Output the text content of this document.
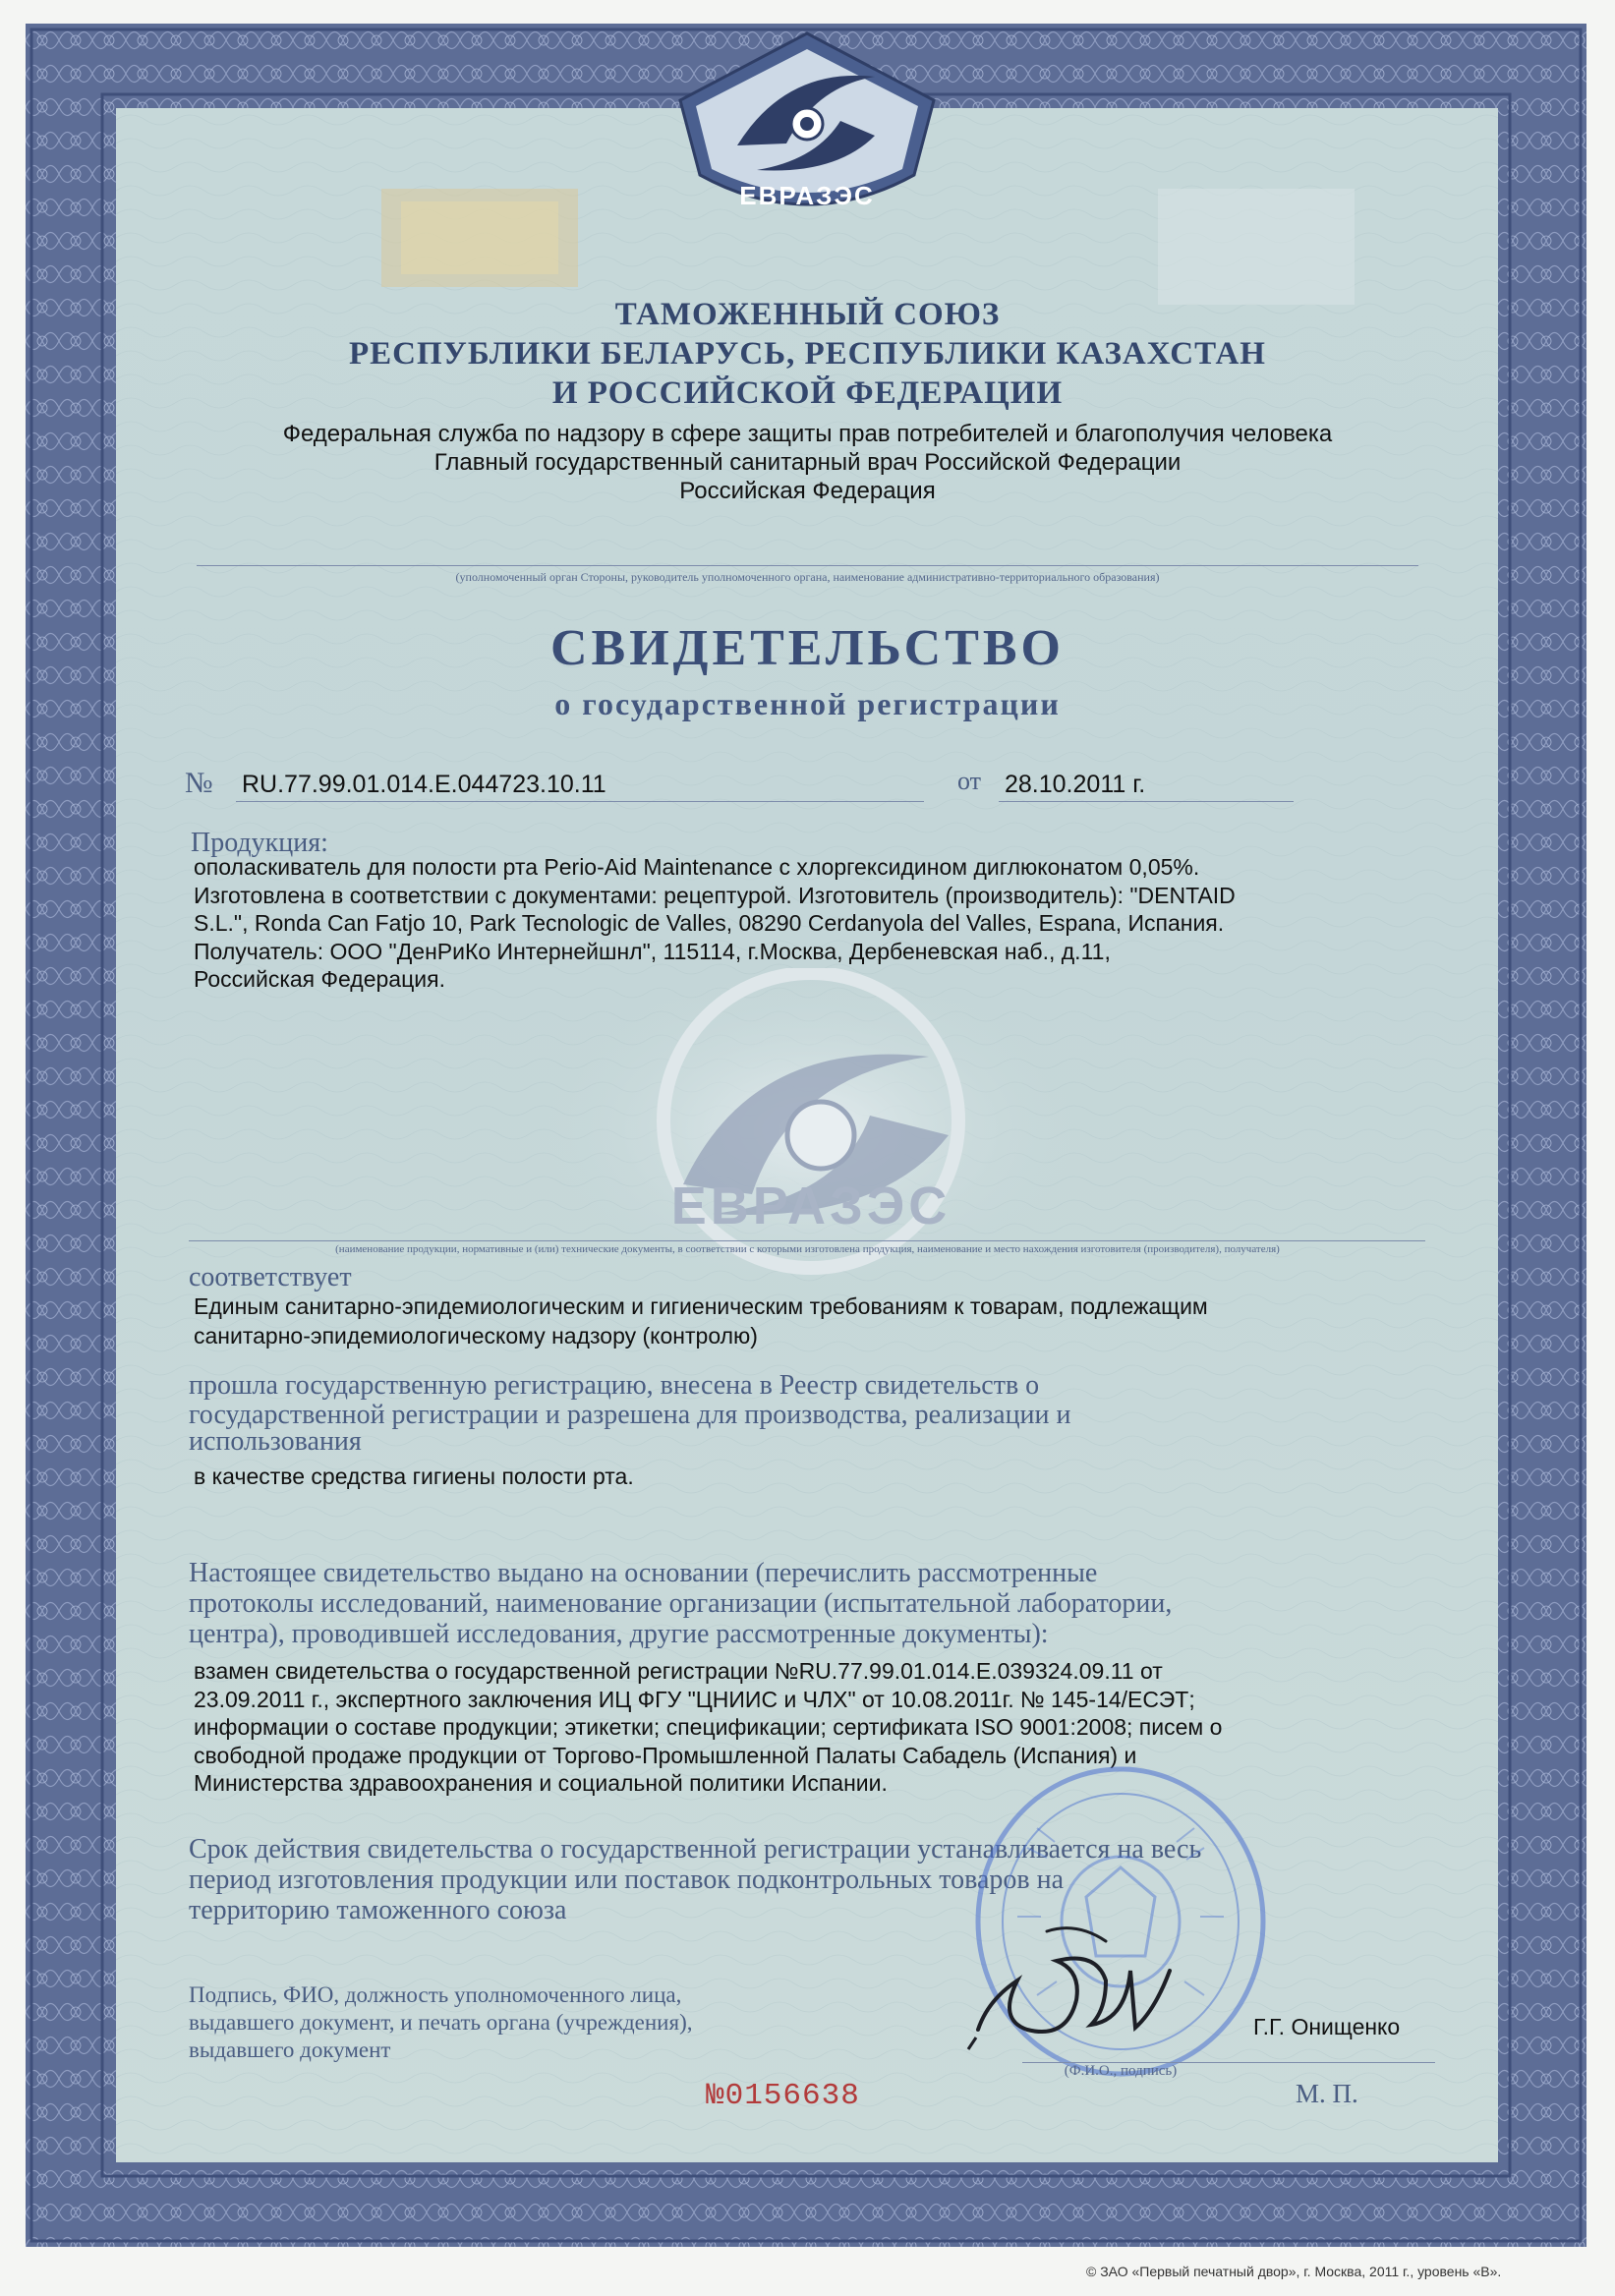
ЕВРАЗЭС
ТАМОЖЕННЫЙ СОЮЗ
РЕСПУБЛИКИ БЕЛАРУСЬ, РЕСПУБЛИКИ КАЗАХСТАН
И РОССИЙСКОЙ ФЕДЕРАЦИИ
Федеральная служба по надзору в сфере защиты прав потребителей и благополучия человека
Главный государственный санитарный врач Российской Федерации
Российская Федерация
(уполномоченный орган Стороны, руководитель уполномоченного органа, наименование административно-территориального образования)
СВИДЕТЕЛЬСТВО
о государственной регистрации
№ RU.77.99.01.014.Е.044723.10.11	от 28.10.2011 г.
ЕВРАЗЭС
Продукция:
ополаскиватель для полости рта Perio-Aid Maintenance с хлоргексидином диглюконатом 0,05%.
Изготовлена в соответствии с документами: рецептурой. Изготовитель (производитель): "DENTAID
S.L.", Ronda Can Fatjo 10, Park Tecnologic de Valles, 08290 Cerdanyola del Valles, Espana, Испания.
Получатель: ООО "ДенРиКо Интернейшнл", 115114, г.Москва, Дербеневская наб., д.11,
Российская Федерация.
(наименование продукции, нормативные и (или) технические документы, в соответствии с которыми изготовлена продукция, наименование и место нахождения изготовителя (производителя), получателя)
соответствует
Единым санитарно-эпидемиологическим и гигиеническим требованиям к товарам, подлежащим
санитарно-эпидемиологическому надзору (контролю)
прошла государственную регистрацию, внесена в Реестр свидетельств о
государственной регистрации и разрешена для производства, реализации и
использования
в качестве средства гигиены полости рта.
Настоящее свидетельство выдано на основании (перечислить рассмотренные
протоколы исследований, наименование организации (испытательной лаборатории,
центра), проводившей исследования, другие рассмотренные документы):
взамен свидетельства о государственной регистрации №RU.77.99.01.014.Е.039324.09.11 от
23.09.2011 г., экспертного заключения ИЦ ФГУ "ЦНИИС и ЧЛХ" от 10.08.2011г. № 145-14/ЕСЭТ;
информации о составе продукции; этикетки; спецификации; сертификата ISO 9001:2008; писем о
свободной продаже продукции от Торгово-Промышленной Палаты Сабадель (Испания) и
Министерства здравоохранения и социальной политики Испании.
Срок действия свидетельства о государственной регистрации устанавливается на весь
период изготовления продукции или поставок подконтрольных товаров на
территорию таможенного союза
Подпись, ФИО, должность уполномоченного лица,
выдавшего документ, и печать органа (учреждения),
выдавшего документ
Г.Г. Онищенко
(Ф.И.О., подпись)
№0156638	М. П.
© ЗАО «Первый печатный двор», г. Москва, 2011 г., уровень «В».
